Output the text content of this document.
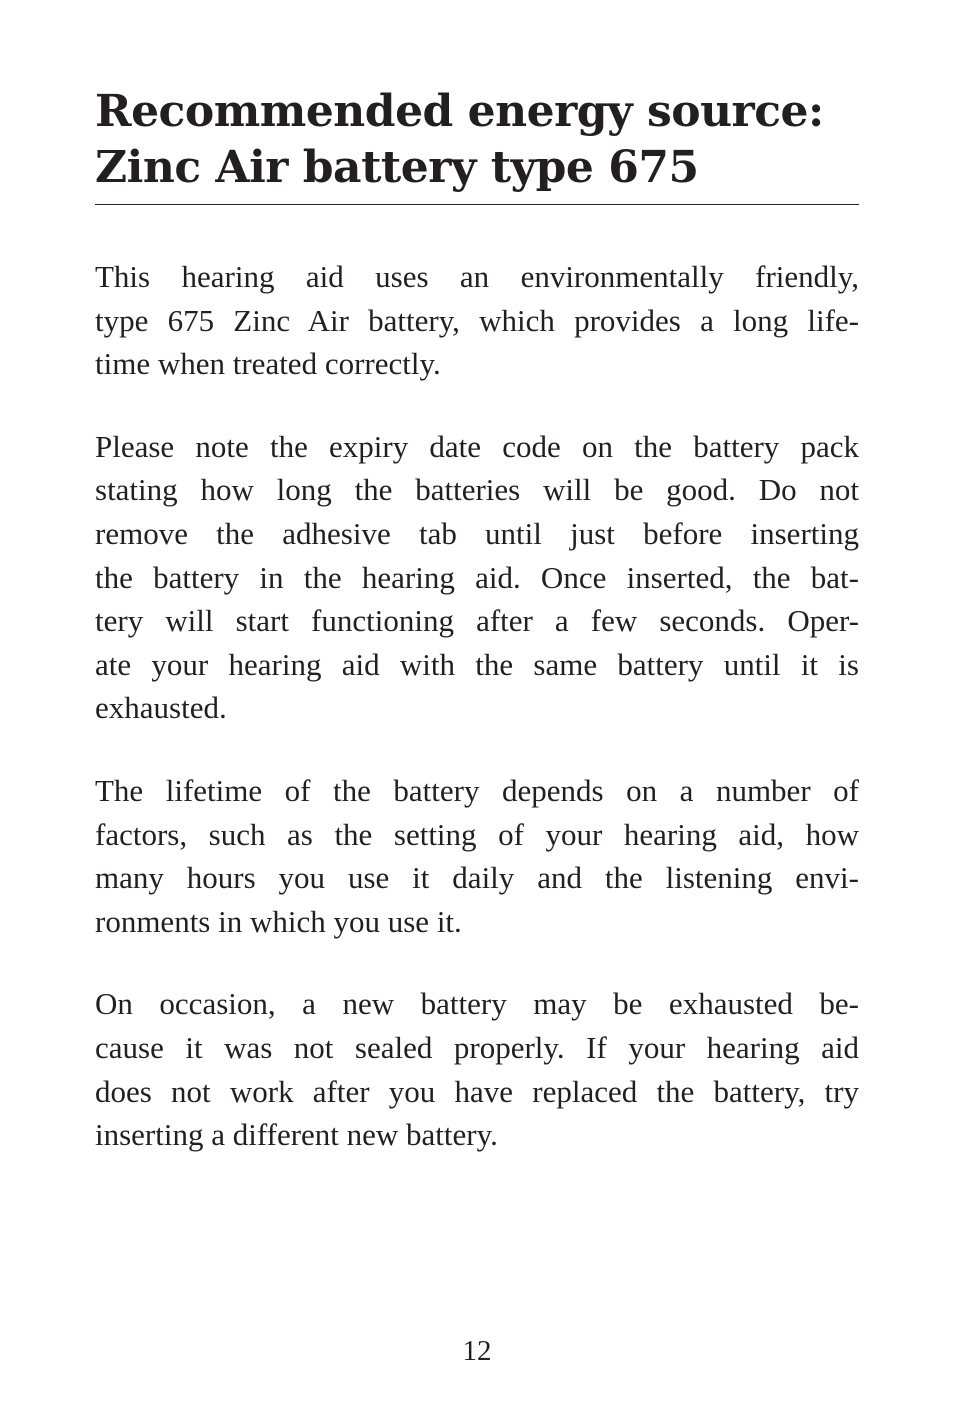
Recommended energy source:
Zinc Air battery type 675

This hearing aid uses an environmentally friendly,
type 675 Zinc Air battery, which provides a long life-
time when treated correctly.

Please note the expiry date code on the battery pack
stating how long the batteries will be good. Do not
remove the adhesive tab until just before inserting
the battery in the hearing aid. Once inserted, the bat-
tery will start functioning after a few seconds. Oper-
ate your hearing aid with the same battery until it is
exhausted.

The lifetime of the battery depends on a number of
factors, such as the setting of your hearing aid, how
many hours you use it daily and the listening envi-
ronments in which you use it.

On occasion, a new battery may be exhausted be-
cause it was not sealed properly. If your hearing aid
does not work after you have replaced the battery, try
inserting a different new battery.

12
